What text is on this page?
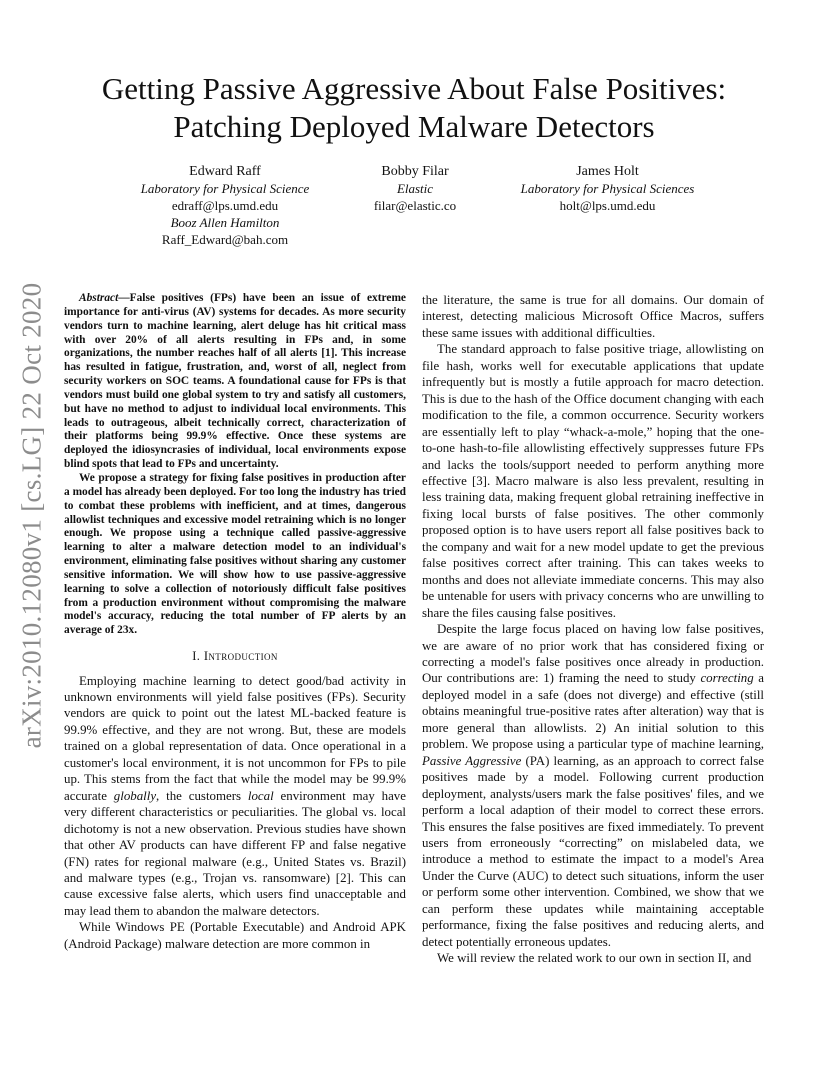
arXiv:2010.12080v1 [cs.LG] 22 Oct 2020
Getting Passive Aggressive About False Positives:
Patching Deployed Malware Detectors
Edward Raff
Laboratory for Physical Science
edraff@lps.umd.edu
Booz Allen Hamilton
Raff_Edward@bah.com
Bobby Filar
Elastic
filar@elastic.co
James Holt
Laboratory for Physical Sciences
holt@lps.umd.edu

Abstract—False positives (FPs) have been an issue of extreme importance for anti-virus (AV) systems for decades. As more security vendors turn to machine learning, alert deluge has hit critical mass with over 20% of all alerts resulting in FPs and, in some organizations, the number reaches half of all alerts [1]. This increase has resulted in fatigue, frustration, and, worst of all, neglect from security workers on SOC teams. A foundational cause for FPs is that vendors must build one global system to try and satisfy all customers, but have no method to adjust to individual local environments. This leads to outrageous, albeit technically correct, characterization of their platforms being 99.9% effective. Once these systems are deployed the idiosyncrasies of individual, local environments expose blind spots that lead to FPs and uncertainty.

We propose a strategy for fixing false positives in production after a model has already been deployed. For too long the industry has tried to combat these problems with inefficient, and at times, dangerous allowlist techniques and excessive model retraining which is no longer enough. We propose using a technique called passive-aggressive learning to alter a malware detection model to an individual's environment, eliminating false positives without sharing any customer sensitive information. We will show how to use passive-aggressive learning to solve a collection of notoriously difficult false positives from a production environment without compromising the malware model's accuracy, reducing the total number of FP alerts by an average of 23x.

I. Introduction

Employing machine learning to detect good/bad activity in unknown environments will yield false positives (FPs). Security vendors are quick to point out the latest ML-backed feature is 99.9% effective, and they are not wrong. But, these are models trained on a global representation of data. Once operational in a customer's local environment, it is not uncommon for FPs to pile up. This stems from the fact that while the model may be 99.9% accurate globally, the customers local environment may have very different characteristics or peculiarities. The global vs. local dichotomy is not a new observation. Previous studies have shown that other AV products can have different FP and false negative (FN) rates for regional malware (e.g., United States vs. Brazil) and malware types (e.g., Trojan vs. ransomware) [2]. This can cause excessive false alerts, which users find unacceptable and may lead them to abandon the malware detectors.

While Windows PE (Portable Executable) and Android APK (Android Package) malware detection are more common in

the literature, the same is true for all domains. Our domain of interest, detecting malicious Microsoft Office Macros, suffers these same issues with additional difficulties.

The standard approach to false positive triage, allowlisting on file hash, works well for executable applications that update infrequently but is mostly a futile approach for macro detection. This is due to the hash of the Office document changing with each modification to the file, a common occurrence. Security workers are essentially left to play “whack-a-mole,” hoping that the one-to-one hash-to-file allowlisting effectively suppresses future FPs and lacks the tools/support needed to perform anything more effective [3]. Macro malware is also less prevalent, resulting in less training data, making frequent global retraining ineffective in fixing local bursts of false positives. The other commonly proposed option is to have users report all false positives back to the company and wait for a new model update to get the previous false positives correct after training. This can takes weeks to months and does not alleviate immediate concerns. This may also be untenable for users with privacy concerns who are unwilling to share the files causing false positives.

Despite the large focus placed on having low false positives, we are aware of no prior work that has considered fixing or correcting a model's false positives once already in production. Our contributions are: 1) framing the need to study correcting a deployed model in a safe (does not diverge) and effective (still obtains meaningful true-positive rates after alteration) way that is more general than allowlists. 2) An initial solution to this problem. We propose using a particular type of machine learning, Passive Aggressive (PA) learning, as an approach to correct false positives made by a model. Following current production deployment, analysts/users mark the false positives' files, and we perform a local adaption of their model to correct these errors. This ensures the false positives are fixed immediately. To prevent users from erroneously “correcting” on mislabeled data, we introduce a method to estimate the impact to a model's Area Under the Curve (AUC) to detect such situations, inform the user or perform some other intervention. Combined, we show that we can perform these updates while maintaining acceptable performance, fixing the false positives and reducing alerts, and detect potentially erroneous updates.

We will review the related work to our own in section II, and
